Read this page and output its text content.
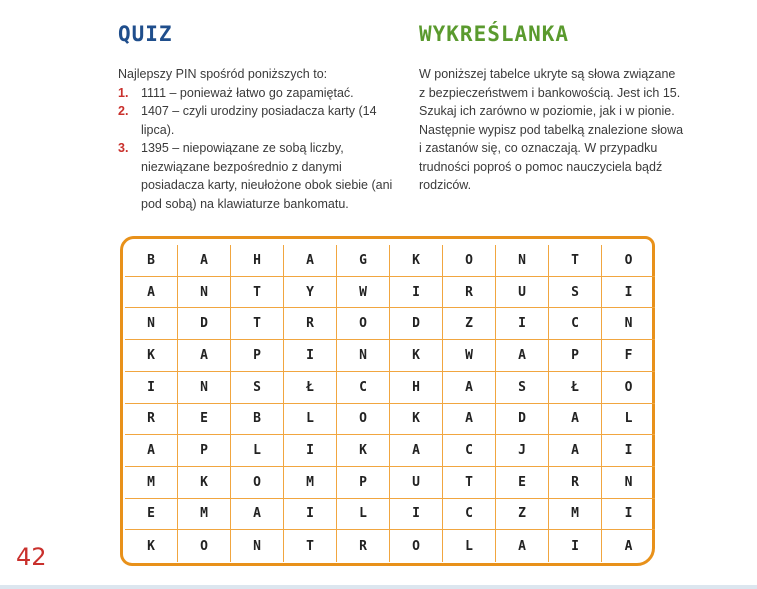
QUIZ

Najlepszy PIN spośród poniższych to:

1. 1111 – ponieważ łatwo go zapamiętać.
2. 1407 – czyli urodziny posiadacza karty (14 lipca).
3. 1395 – niepowiązane ze sobą liczby, niezwiązane bezpośrednio z danymi posiadacza karty, nieułożone obok siebie (ani pod sobą) na klawiaturze bankomatu.
WYKREŚLANKA

W poniższej tabelce ukryte są słowa związane z bezpieczeństwem i bankowością. Jest ich 15. Szukaj ich zarówno w poziomie, jak i w pionie. Następnie wypisz pod tabelką znalezione słowa i zastanów się, co oznaczają. W przypadku trudności poproś o pomoc nauczyciela bądź rodziców.

B	A	H	A	G	K	O	N	T	O
A	N	T	Y	W	I	R	U	S	I
N	D	T	R	O	D	Z	I	C	N
K	A	P	I	N	K	W	A	P	F
I	N	S	Ł	C	H	A	S	Ł	O
R	E	B	L	O	K	A	D	A	L
A	P	L	I	K	A	C	J	A	I
M	K	O	M	P	U	T	E	R	N
E	M	A	I	L	I	C	Z	M	I
K	O	N	T	R	O	L	A	I	A
42
